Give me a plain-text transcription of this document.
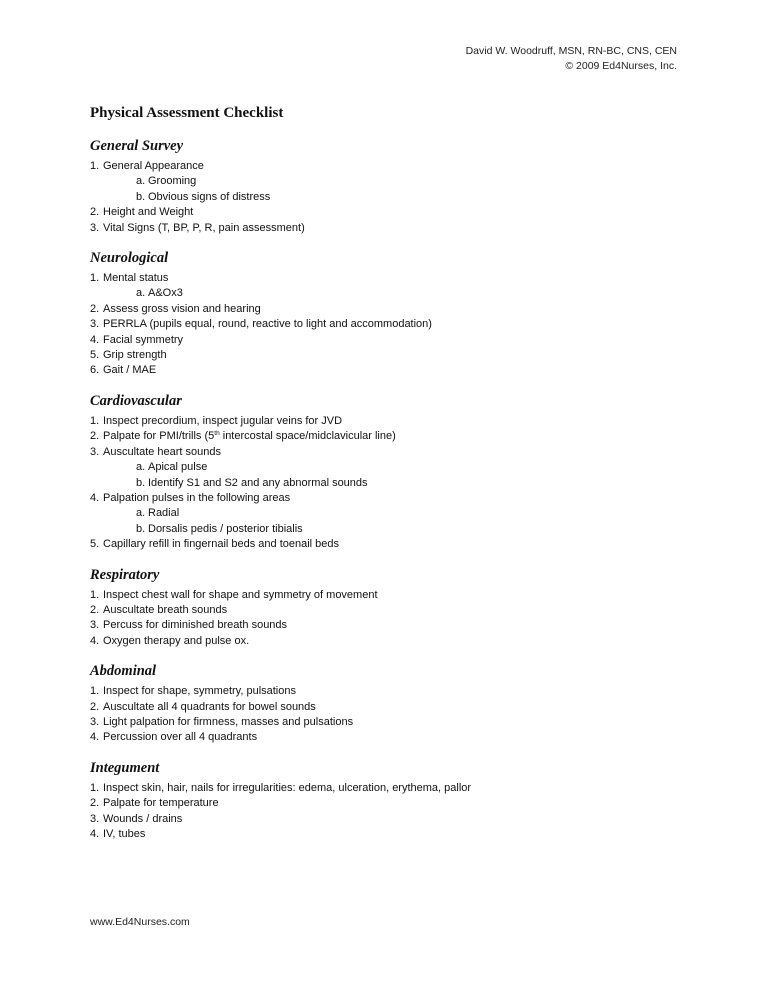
David W. Woodruff, MSN, RN-BC, CNS, CEN
© 2009 Ed4Nurses, Inc.
Physical Assessment Checklist
General Survey
1. General Appearance
a. Grooming
b. Obvious signs of distress
2. Height and Weight
3. Vital Signs (T, BP, P, R, pain assessment)
Neurological
1. Mental status
a. A&Ox3
2. Assess gross vision and hearing
3. PERRLA (pupils equal, round, reactive to light and accommodation)
4. Facial symmetry
5. Grip strength
6. Gait / MAE
Cardiovascular
1. Inspect precordium, inspect jugular veins for JVD
2. Palpate for PMI/trills (5th intercostal space/midclavicular line)
3. Auscultate heart sounds
a. Apical pulse
b. Identify S1 and S2 and any abnormal sounds
4. Palpation pulses in the following areas
a. Radial
b. Dorsalis pedis / posterior tibialis
5. Capillary refill in fingernail beds and toenail beds
Respiratory
1. Inspect chest wall for shape and symmetry of movement
2. Auscultate breath sounds
3. Percuss for diminished breath sounds
4. Oxygen therapy and pulse ox.
Abdominal
1. Inspect for shape, symmetry, pulsations
2. Auscultate all 4 quadrants for bowel sounds
3. Light palpation for firmness, masses and pulsations
4. Percussion over all 4 quadrants
Integument
1. Inspect skin, hair, nails for irregularities: edema, ulceration, erythema, pallor
2. Palpate for temperature
3. Wounds / drains
4. IV, tubes
www.Ed4Nurses.com
